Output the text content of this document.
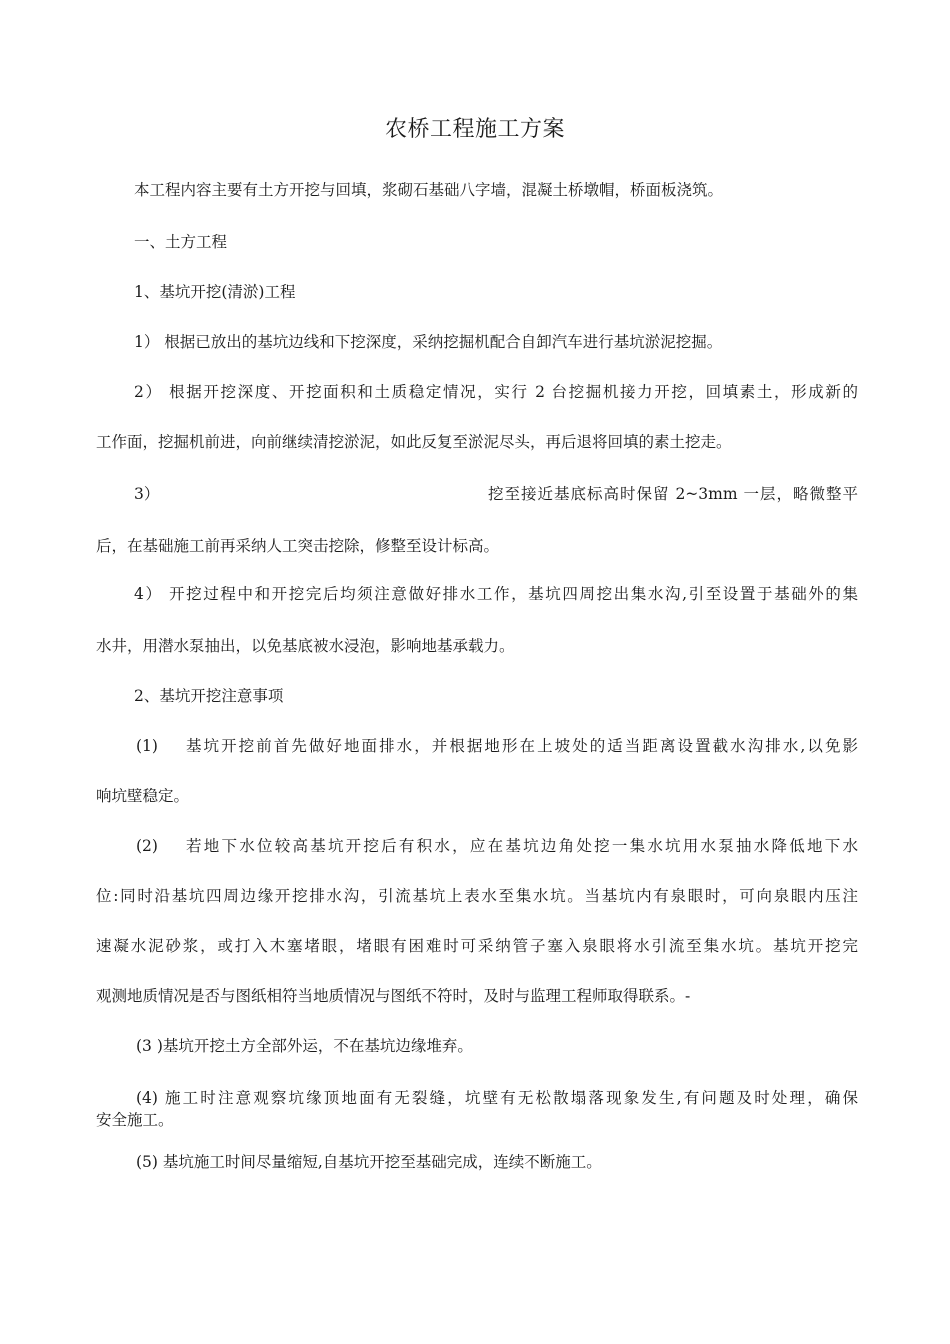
农桥工程施工方案
本工程内容主要有土方开挖与回填，浆砌石基础八字墙，混凝土桥墩帽，桥面板浇筑。
一、土方工程
1、基坑开挖(清淤)工程
1） 根据已放出的基坑边线和下挖深度，采纳挖掘机配合自卸汽车进行基坑淤泥挖掘。
2） 根据开挖深度、开挖面积和土质稳定情况，实行 2 台挖掘机接力开挖，回填素土，形成新的
工作面，挖掘机前进，向前继续清挖淤泥，如此反复至淤泥尽头，再后退将回填的素土挖走。
3）	挖至接近基底标高时保留 2~3mm 一层，略微整平
后，在基础施工前再采纳人工突击挖除，修整至设计标高。
4） 开挖过程中和开挖完后均须注意做好排水工作，基坑四周挖出集水沟,引至设置于基础外的集
水井，用潜水泵抽出，以免基底被水浸泡，影响地基承载力。
2、基坑开挖注意事项
(1) 基坑开挖前首先做好地面排水，并根据地形在上坡处的适当距离设置截水沟排水,以免影
响坑壁稳定。
(2) 若地下水位较高基坑开挖后有积水，应在基坑边角处挖一集水坑用水泵抽水降低地下水
位:同时沿基坑四周边缘开挖排水沟，引流基坑上表水至集水坑。当基坑内有泉眼时，可向泉眼内压注
速凝水泥砂浆，或打入木塞堵眼，堵眼有困难时可采纳管子塞入泉眼将水引流至集水坑。基坑开挖完
观测地质情况是否与图纸相符当地质情况与图纸不符时，及时与监理工程师取得联系。-
(3 )基坑开挖土方全部外运，不在基坑边缘堆弃。
(4) 施工时注意观察坑缘顶地面有无裂缝，坑壁有无松散塌落现象发生,有问题及时处理，确保
安全施工。
(5) 基坑施工时间尽量缩短,自基坑开挖至基础完成，连续不断施工。
